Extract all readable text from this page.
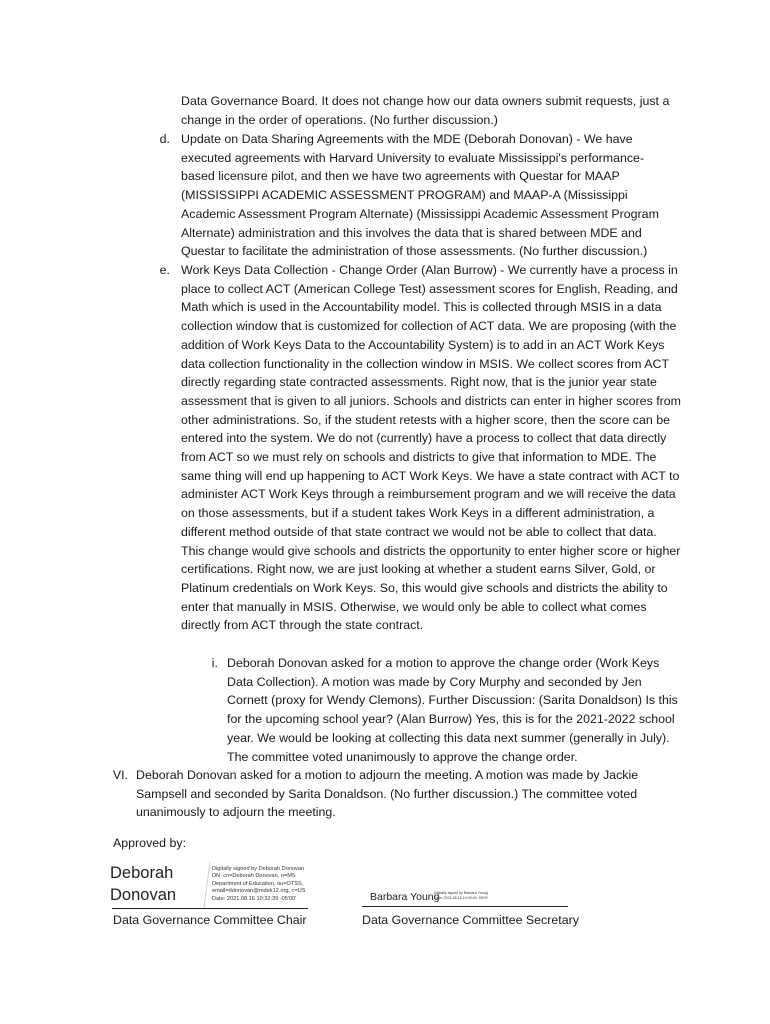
Data Governance Board. It does not change how our data owners submit requests, just a change in the order of operations. (No further discussion.)

d. Update on Data Sharing Agreements with the MDE (Deborah Donovan) - We have executed agreements with Harvard University to evaluate Mississippi's performance-based licensure pilot, and then we have two agreements with Questar for MAAP (MISSISSIPPI ACADEMIC ASSESSMENT PROGRAM) and MAAP-A (Mississippi Academic Assessment Program Alternate) (Mississippi Academic Assessment Program Alternate) administration and this involves the data that is shared between MDE and Questar to facilitate the administration of those assessments. (No further discussion.)

e. Work Keys Data Collection - Change Order (Alan Burrow) - We currently have a process in place to collect ACT (American College Test) assessment scores for English, Reading, and Math which is used in the Accountability model. This is collected through MSIS in a data collection window that is customized for collection of ACT data. We are proposing (with the addition of Work Keys Data to the Accountability System) is to add in an ACT Work Keys data collection functionality in the collection window in MSIS. We collect scores from ACT directly regarding state contracted assessments. Right now, that is the junior year state assessment that is given to all juniors. Schools and districts can enter in higher scores from other administrations. So, if the student retests with a higher score, then the score can be entered into the system. We do not (currently) have a process to collect that data directly from ACT so we must rely on schools and districts to give that information to MDE. The same thing will end up happening to ACT Work Keys. We have a state contract with ACT to administer ACT Work Keys through a reimbursement program and we will receive the data on those assessments, but if a student takes Work Keys in a different administration, a different method outside of that state contract we would not be able to collect that data. This change would give schools and districts the opportunity to enter higher score or higher certifications. Right now, we are just looking at whether a student earns Silver, Gold, or Platinum credentials on Work Keys. So, this would give schools and districts the ability to enter that manually in MSIS. Otherwise, we would only be able to collect what comes directly from ACT through the state contract.

i. Deborah Donovan asked for a motion to approve the change order (Work Keys Data Collection). A motion was made by Cory Murphy and seconded by Jen Cornett (proxy for Wendy Clemons). Further Discussion: (Sarita Donaldson) Is this for the upcoming school year? (Alan Burrow) Yes, this is for the 2021-2022 school year. We would be looking at collecting this data next summer (generally in July). The committee voted unanimously to approve the change order.

VI. Deborah Donovan asked for a motion to adjourn the meeting. A motion was made by Jackie Sampsell and seconded by Sarita Donaldson. (No further discussion.) The committee voted unanimously to adjourn the meeting.

Approved by:
Deborah
Donovan
Digitally signed by Deborah Donovan
DN: cn=Deborah Donovan, o=MS
Department of Education, ou=OTSS,
email=ddonovan@mdek12.org, c=US
Date: 2021.08.16 10:32:39 -05'00'
Data Governance Committee Chair
Barbara Young
Digitally signed by Barbara Young
Date: 2021.08.16 10:49:49 -05'00'
Data Governance Committee Secretary
